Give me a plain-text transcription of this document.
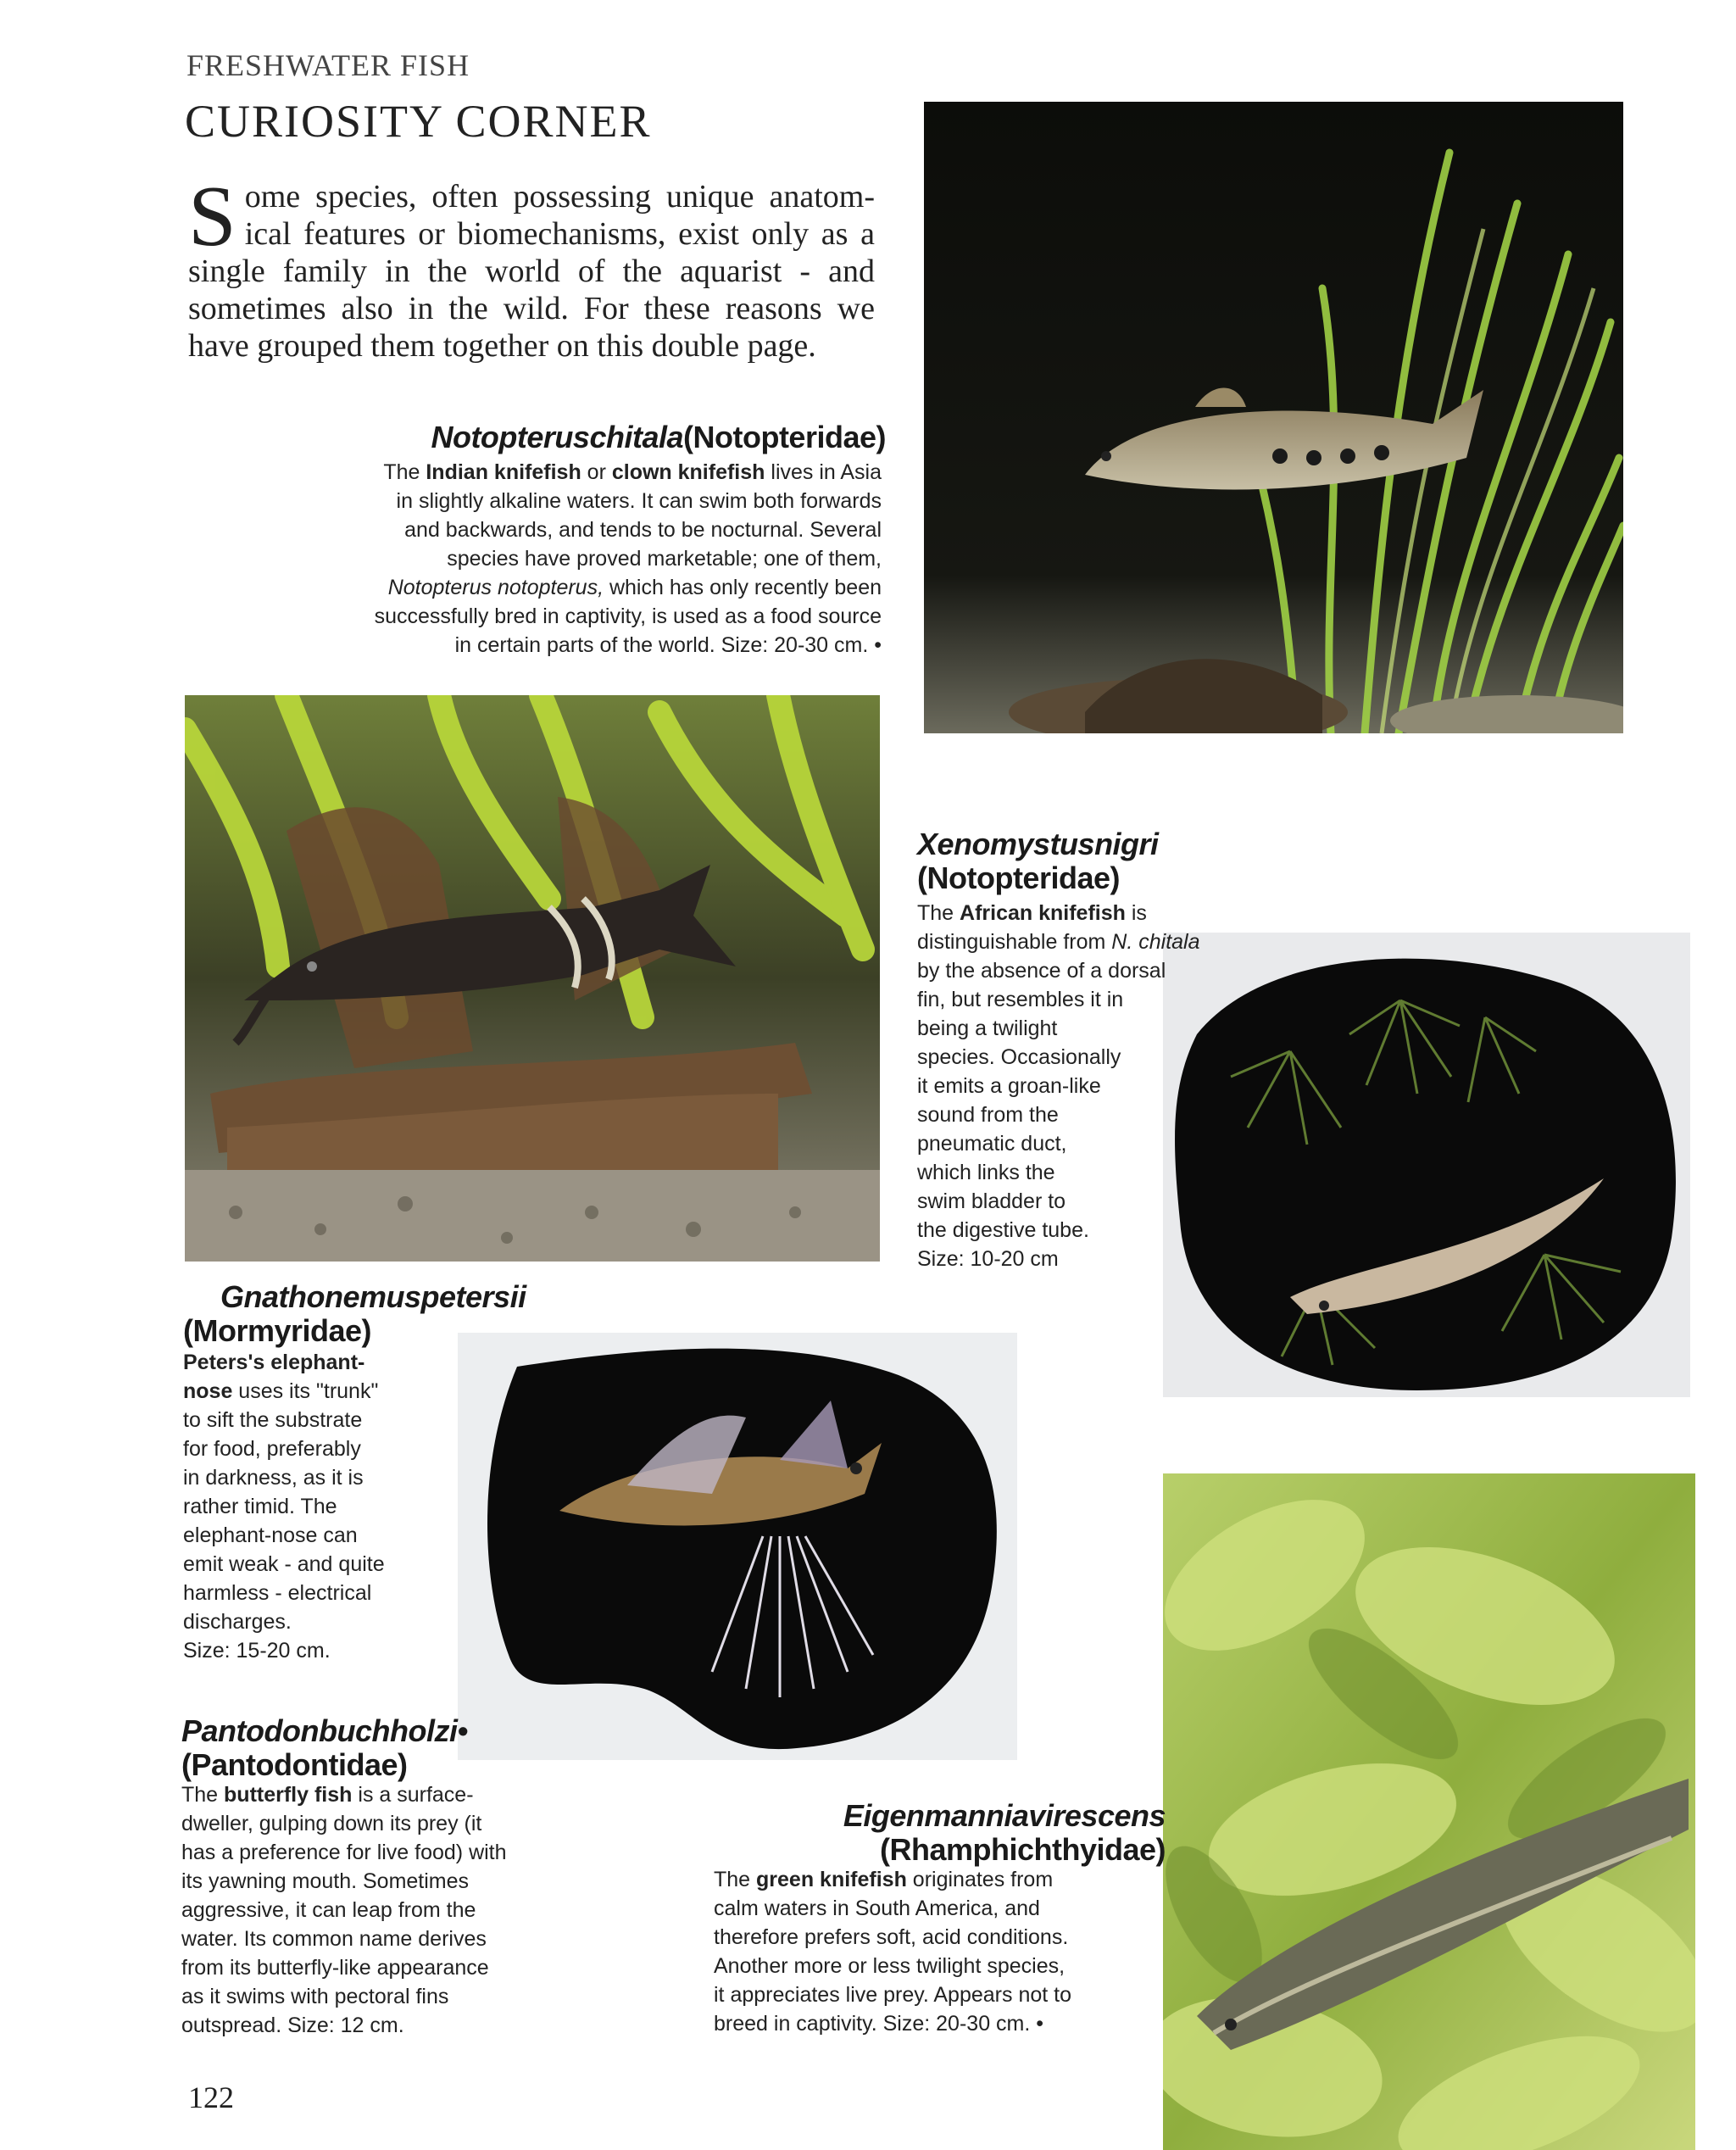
FRESHWATER FISH
CURIOSITY CORNER
S ome species, often possessing unique anatom- ical features or biomechanisms, exist only as a single family in the world of the aquarist - and sometimes also in the wild. For these reasons we have grouped them together on this double page.
Notopteruschitala(Notopteridae)
The Indian knifefish or clown knifefish lives in Asia
in slightly alkaline waters. It can swim both forwards
and backwards, and tends to be nocturnal. Several
species have proved marketable; one of them,
Notopterus notopterus, which has only recently been
successfully bred in captivity, is used as a food source
in certain parts of the world. Size: 20-30 cm. •
Xenomystusnigri
(Notopteridae)
The African knifefish is
distinguishable from N. chitala
by the absence of a dorsal
fin, but resembles it in
being a twilight
species. Occasionally
it emits a groan-like
sound from the
pneumatic duct,
which links the
swim bladder to
the digestive tube.
Size: 10-20 cm
Gnathonemuspetersii
(Mormyridae)
Peters's elephant-
nose uses its "trunk"
to sift the substrate
for food, preferably
in darkness, as it is
rather timid. The
elephant-nose can
emit weak - and quite
harmless - electrical
discharges.
Size: 15-20 cm.
Pantodonbuchholzi•
(Pantodontidae)
The butterfly fish is a surface-
dweller, gulping down its prey (it
has a preference for live food) with
its yawning mouth. Sometimes
aggressive, it can leap from the
water. Its common name derives
from its butterfly-like appearance
as it swims with pectoral fins
outspread. Size: 12 cm.
Eigenmanniavirescens
(Rhamphichthyidae)
The green knifefish originates from
calm waters in South America, and
therefore prefers soft, acid conditions.
Another more or less twilight species,
it appreciates live prey. Appears not to
breed in captivity. Size: 20-30 cm. •
122
